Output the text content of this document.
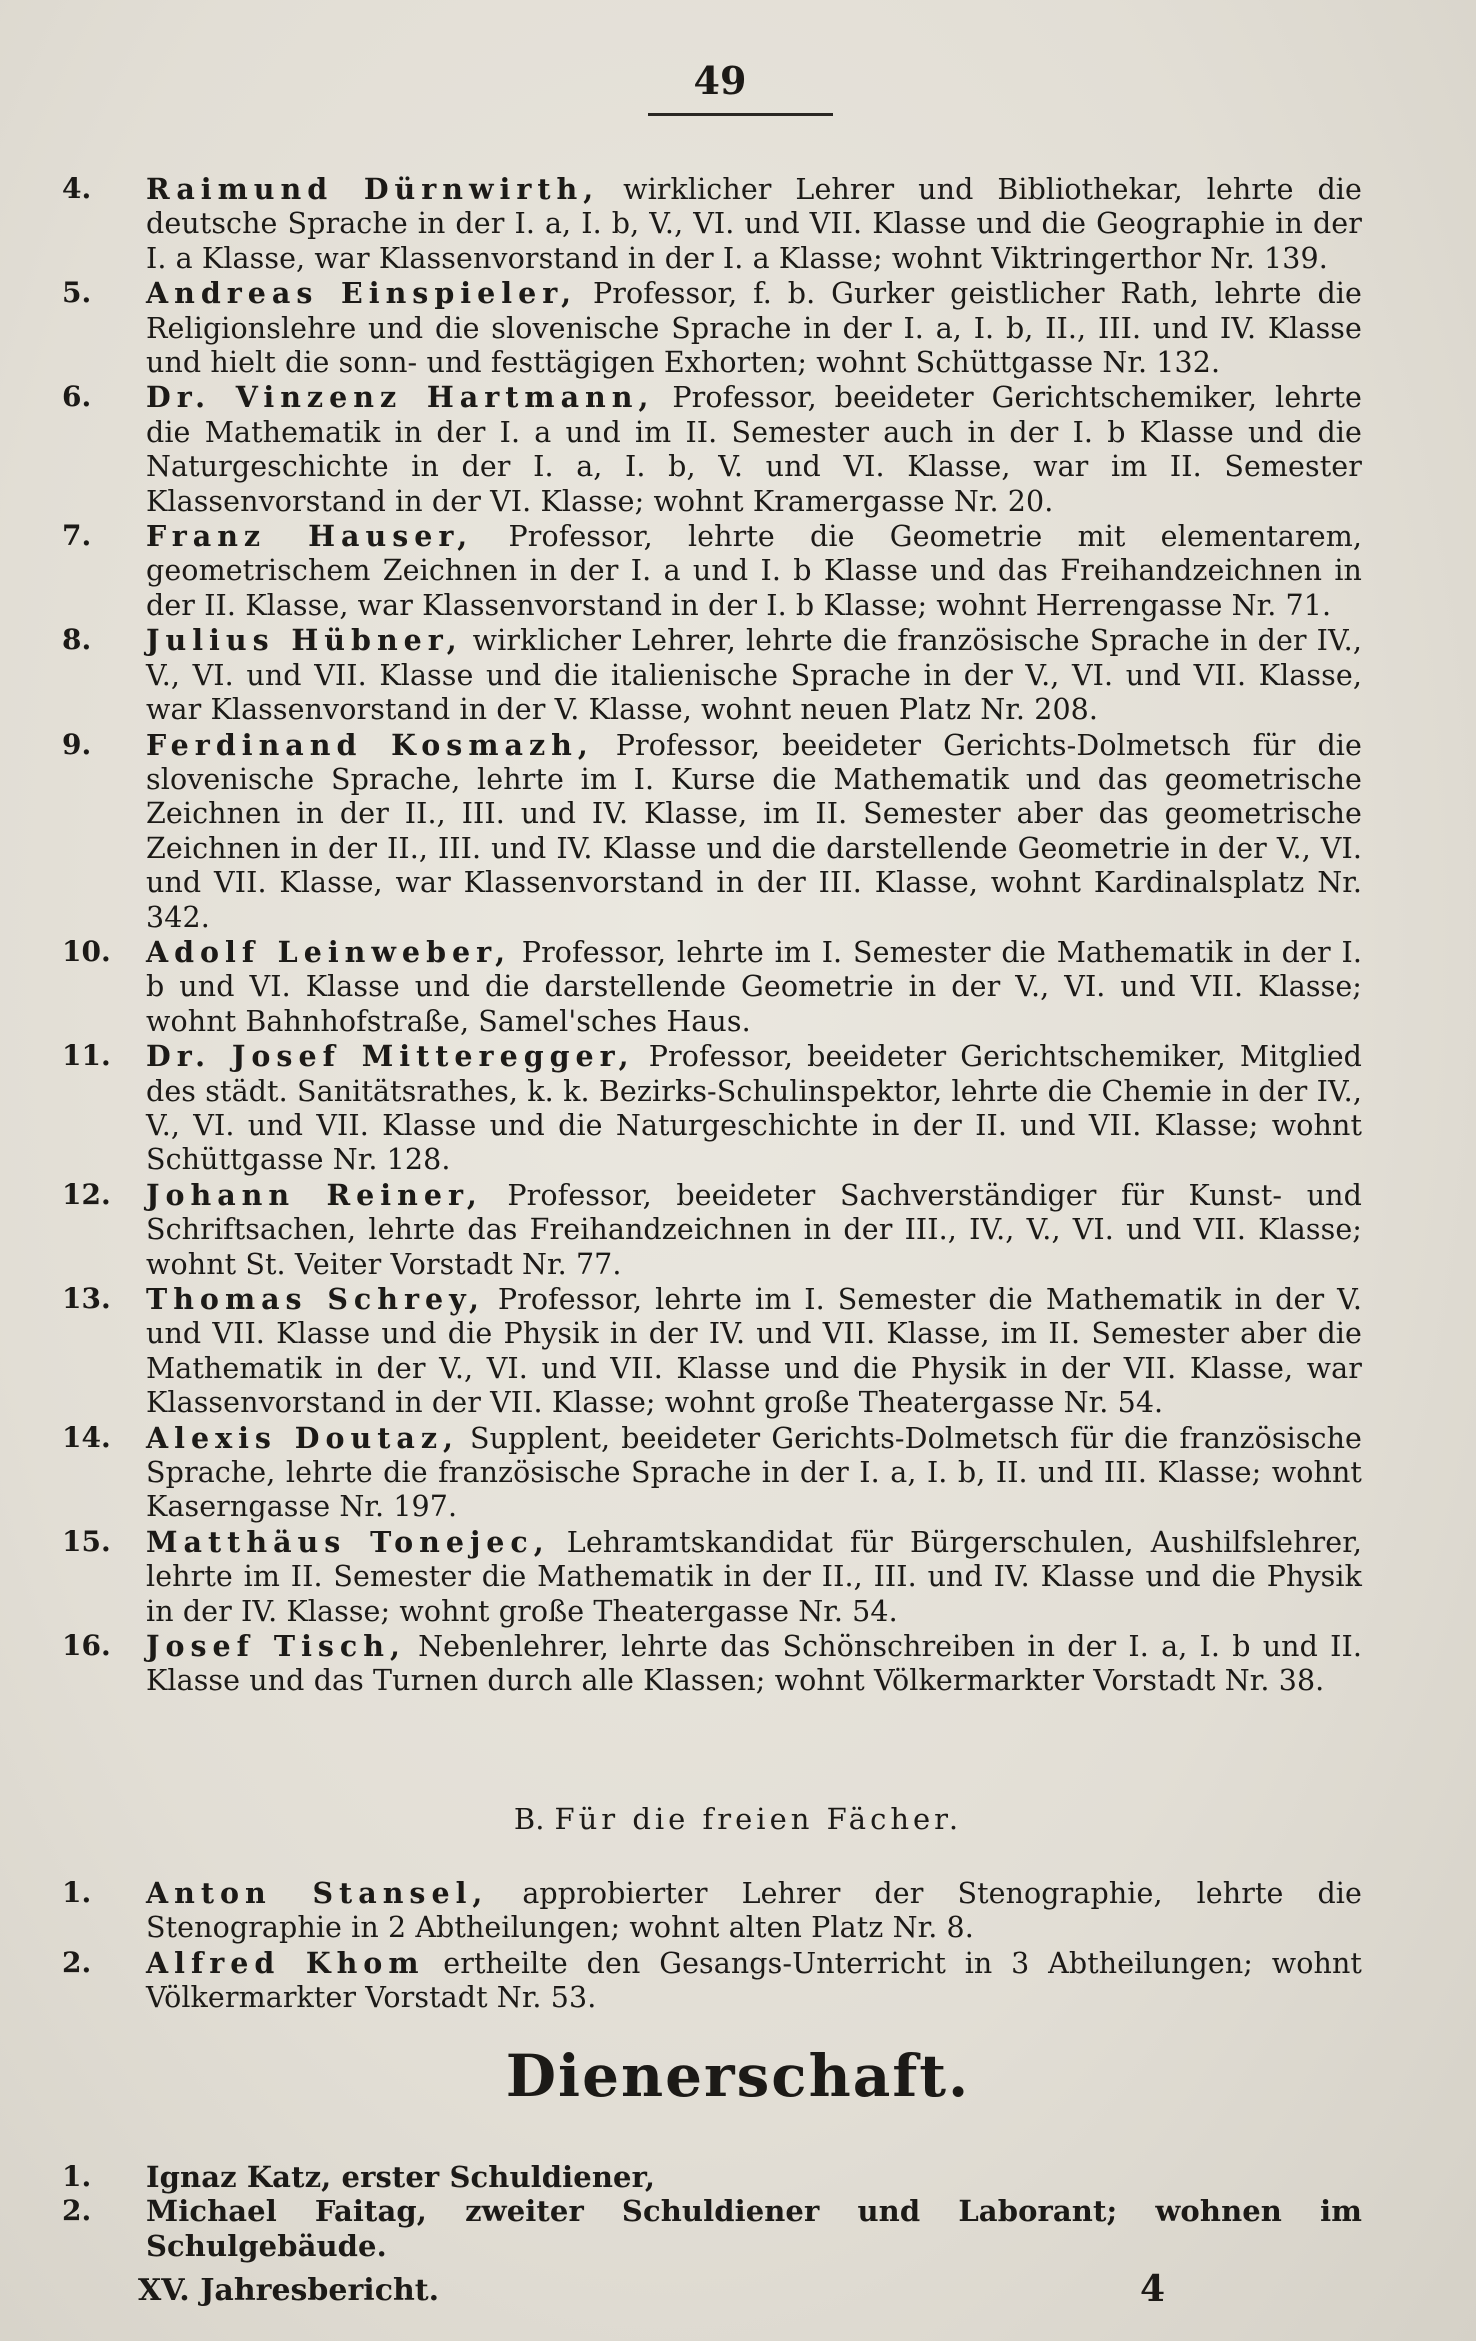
49
4.	Raimund Dürnwirth, wirklicher Lehrer und Bibliothekar, lehrte die deutsche Sprache in der I. a, I. b, V., VI. und VII. Klasse und die Geographie in der I. a Klasse, war Klassenvorstand in der I. a Klasse; wohnt Viktringerthor Nr. 139.
5.	Andreas Einspieler, Professor, f. b. Gurker geistlicher Rath, lehrte die Religionslehre und die slovenische Sprache in der I. a, I. b, II., III. und IV. Klasse und hielt die sonn- und festtägigen Exhorten; wohnt Schüttgasse Nr. 132.
6.	Dr. Vinzenz Hartmann, Professor, beeideter Gerichtschemiker, lehrte die Mathematik in der I. a und im II. Semester auch in der I. b Klasse und die Naturgeschichte in der I. a, I. b, V. und VI. Klasse, war im II. Semester Klassenvorstand in der VI. Klasse; wohnt Kramergasse Nr. 20.
7.	Franz Hauser, Professor, lehrte die Geometrie mit elementarem, geometrischem Zeichnen in der I. a und I. b Klasse und das Freihandzeichnen in der II. Klasse, war Klassenvorstand in der I. b Klasse; wohnt Herrengasse Nr. 71.
8.	Julius Hübner, wirklicher Lehrer, lehrte die französische Sprache in der IV., V., VI. und VII. Klasse und die italienische Sprache in der V., VI. und VII. Klasse, war Klassenvorstand in der V. Klasse, wohnt neuen Platz Nr. 208.
9.	Ferdinand Kosmazh, Professor, beeideter Gerichts-Dolmetsch für die slovenische Sprache, lehrte im I. Kurse die Mathematik und das geometrische Zeichnen in der II., III. und IV. Klasse, im II. Semester aber das geometrische Zeichnen in der II., III. und IV. Klasse und die darstellende Geometrie in der V., VI. und VII. Klasse, war Klassenvorstand in der III. Klasse, wohnt Kardinalsplatz Nr. 342.
10.	Adolf Leinweber, Professor, lehrte im I. Semester die Mathematik in der I. b und VI. Klasse und die darstellende Geometrie in der V., VI. und VII. Klasse; wohnt Bahnhofstraße, Samel'sches Haus.
11.	Dr. Josef Mitteregger, Professor, beeideter Gerichtschemiker, Mitglied des städt. Sanitätsrathes, k. k. Bezirks-Schulinspektor, lehrte die Chemie in der IV., V., VI. und VII. Klasse und die Naturgeschichte in der II. und VII. Klasse; wohnt Schüttgasse Nr. 128.
12.	Johann Reiner, Professor, beeideter Sachverständiger für Kunst- und Schriftsachen, lehrte das Freihandzeichnen in der III., IV., V., VI. und VII. Klasse; wohnt St. Veiter Vorstadt Nr. 77.
13.	Thomas Schrey, Professor, lehrte im I. Semester die Mathematik in der V. und VII. Klasse und die Physik in der IV. und VII. Klasse, im II. Semester aber die Mathematik in der V., VI. und VII. Klasse und die Physik in der VII. Klasse, war Klassenvorstand in der VII. Klasse; wohnt große Theatergasse Nr. 54.
14.	Alexis Doutaz, Supplent, beeideter Gerichts-Dolmetsch für die französische Sprache, lehrte die französische Sprache in der I. a, I. b, II. und III. Klasse; wohnt Kaserngasse Nr. 197.
15.	Matthäus Tonejec, Lehramtskandidat für Bürgerschulen, Aushilfslehrer, lehrte im II. Semester die Mathematik in der II., III. und IV. Klasse und die Physik in der IV. Klasse; wohnt große Theatergasse Nr. 54.
16.	Josef Tisch, Nebenlehrer, lehrte das Schönschreiben in der I. a, I. b und II. Klasse und das Turnen durch alle Klassen; wohnt Völkermarkter Vorstadt Nr. 38.
B. Für die freien Fächer.
1.	Anton Stansel, approbierter Lehrer der Stenographie, lehrte die Stenographie in 2 Abtheilungen; wohnt alten Platz Nr. 8.
2.	Alfred Khom ertheilte den Gesangs-Unterricht in 3 Abtheilungen; wohnt Völkermarkter Vorstadt Nr. 53.
Dienerschaft.
1.	Ignaz Katz, erster Schuldiener,
2.	Michael Faitag, zweiter Schuldiener und Laborant; wohnen im Schulgebäude.
XV. Jahresbericht.	4
